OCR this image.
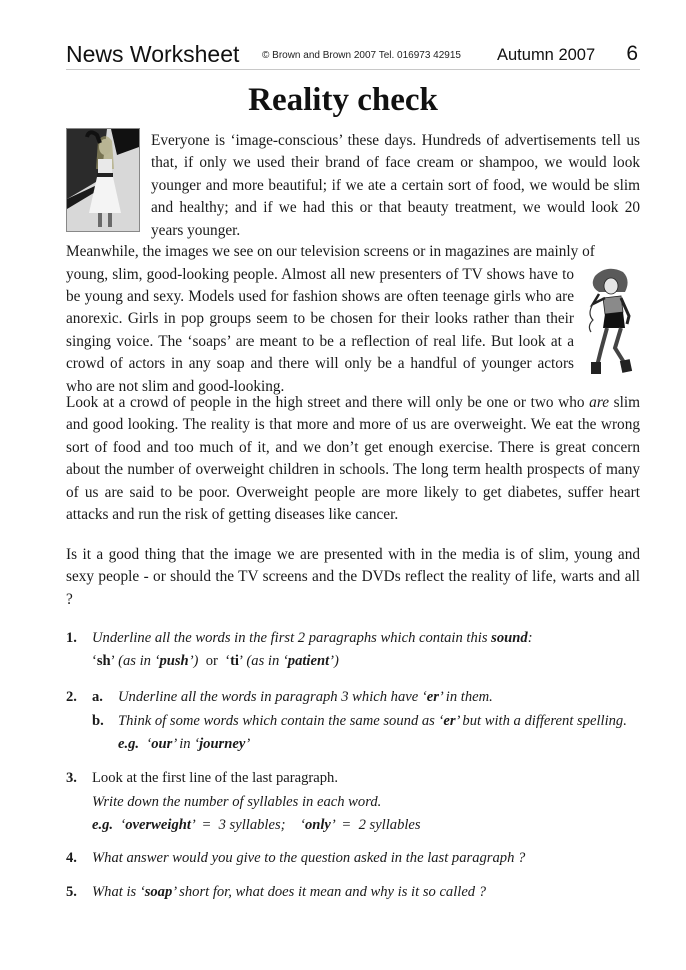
News Worksheet © Brown and Brown 2007 Tel. 016973 42915 Autumn 2007 6
Reality check

Everyone is ‘image-conscious’ these days. Hundreds of advertisements tell us that, if only we used their brand of face cream or shampoo, we would look younger and more beautiful; if we ate a certain sort of food, we would be slim and healthy; and if we had this or that beauty treatment, we would look 20 years younger.

Meanwhile, the images we see on our television screens or in magazines are mainly of

young, slim, good-looking people. Almost all new presenters of TV shows have to be young and sexy. Models used for fashion shows are often teenage girls who are anorexic. Girls in pop groups seem to be chosen for their looks rather than their singing voice. The ‘soaps’ are meant to be a reflection of real life. But look at a crowd of actors in any soap and there will only be a handful of younger actors who are not slim and good-looking.

Look at a crowd of people in the high street and there will only be one or two who are slim and good looking. The reality is that more and more of us are overweight. We eat the wrong sort of food and too much of it, and we don’t get enough exercise. There is great concern about the number of overweight children in schools. The long term health prospects of many of us are said to be poor. Overweight people are more likely to get diabetes, suffer heart attacks and run the risk of getting diseases like cancer.

Is it a good thing that the image we are presented with in the media is of slim, young and sexy people - or should the TV screens and the DVDs reflect the reality of life, warts and all ?

1. Underline all the words in the first 2 paragraphs which contain this sound:
‘sh’ (as in ‘push’)  or  ‘ti’ (as in ‘patient’)
2. a. Underline all the words in paragraph 3 which have ‘er’ in them.
b. Think of some words which contain the same sound as ‘er’ but with a different spelling.
e.g.  ‘our’ in ‘journey’
3. Look at the first line of the last paragraph.
Write down the number of syllables in each word.
e.g.  ‘overweight’  =  3 syllables;    ‘only’  =  2 syllables
4. What answer would you give to the question asked in the last paragraph ?
5. What is ‘soap’ short for, what does it mean and why is it so called ?
